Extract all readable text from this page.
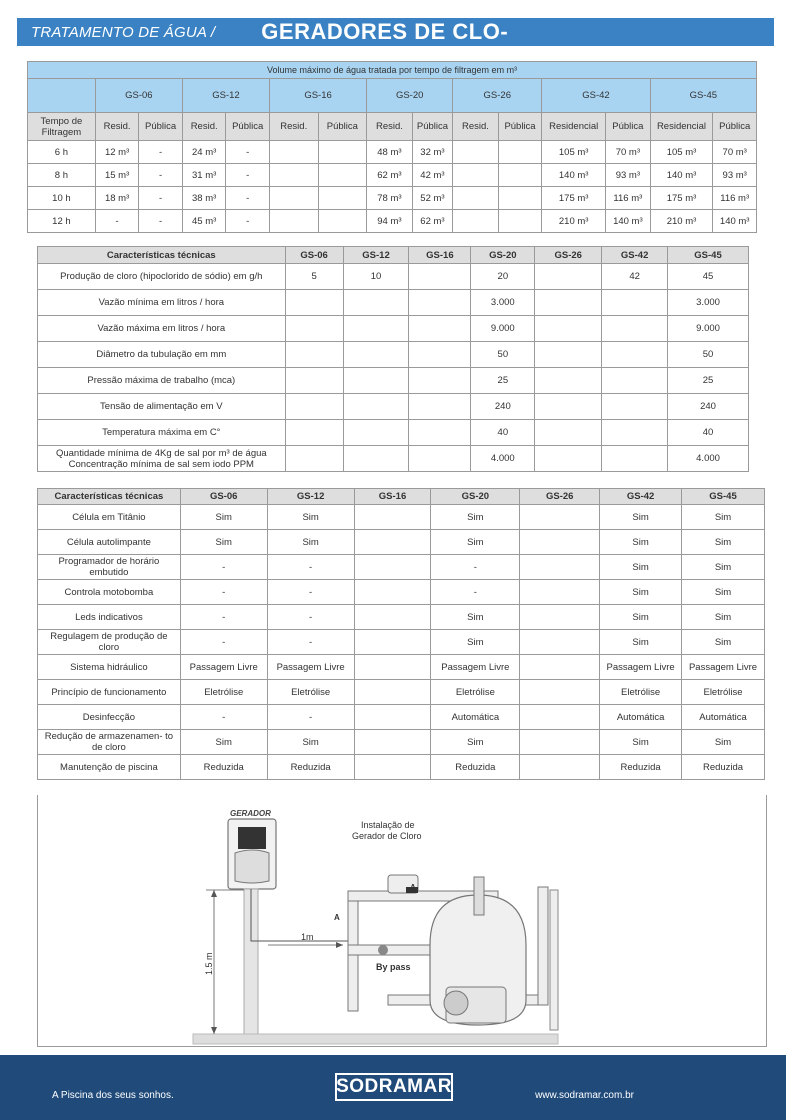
TRATAMENTO DE ÁGUA / GERADORES DE CLO-
Volume máximo de água tratada por tempo de filtragem em m³														
	GS-06		GS-12		GS-16		GS-20		GS-26		GS-42		GS-45	
Tempo de Filtragem	Resid.	Pública	Resid.	Pública	Resid.	Pública	Resid.	Pública	Resid.	Pública	Residencial	Pública	Residencial	Pública
6 h	12 m³	-	24 m³	-			48 m³	32 m³			105 m³	70 m³	105 m³	70 m³
8 h	15 m³	-	31 m³	-			62 m³	42 m³			140 m³	93 m³	140 m³	93 m³
10 h	18 m³	-	38 m³	-			78 m³	52 m³			175 m³	116 m³	175 m³	116 m³
12 h	-	-	45 m³	-			94 m³	62 m³			210 m³	140 m³	210 m³	140 m³
Características técnicas	GS-06	GS-12	GS-16	GS-20	GS-26	GS-42	GS-45
Produção de cloro (hipoclorido de sódio) em g/h	5	10		20		42	45
Vazão mínima em litros / hora				3.000			3.000
Vazão máxima em litros / hora				9.000			9.000
Diâmetro da tubulação em mm				50			50
Pressão máxima de trabalho (mca)				25			25
Tensão de alimentação em V				240			240
Temperatura máxima em C°				40			40
Quantidade mínima de 4Kg de sal por m³ de água Concentração mínima de sal sem iodo PPM				4.000			4.000
Características técnicas	GS-06	GS-12	GS-16	GS-20	GS-26	GS-42	GS-45
Célula em Titânio	Sim	Sim		Sim		Sim	Sim
Célula autolimpante	Sim	Sim		Sim		Sim	Sim
Programador de horário embutido	-	-		-		Sim	Sim
Controla motobomba	-	-		-		Sim	Sim
Leds indicativos	-	-		Sim		Sim	Sim
Regulagem de produção de cloro	-	-		Sim		Sim	Sim
Sistema hidráulico	Passagem Livre	Passagem Livre		Passagem Livre		Passagem Livre	Passagem Livre
Princípio de funcionamento	Eletrólise	Eletrólise		Eletrólise		Eletrólise	Eletrólise
Desinfecção	-	-		Automática		Automática	Automática
Redução de armazenamen- to de cloro	Sim	Sim		Sim		Sim	Sim
Manutenção de piscina	Reduzida	Reduzida		Reduzida		Reduzida	Reduzida
GERADOR
1.5 m
1m
Instalação de
Gerador de Cloro
By pass
A
A
A Piscina dos seus sonhos.	SODRAMAR	www.sodramar.com.br
